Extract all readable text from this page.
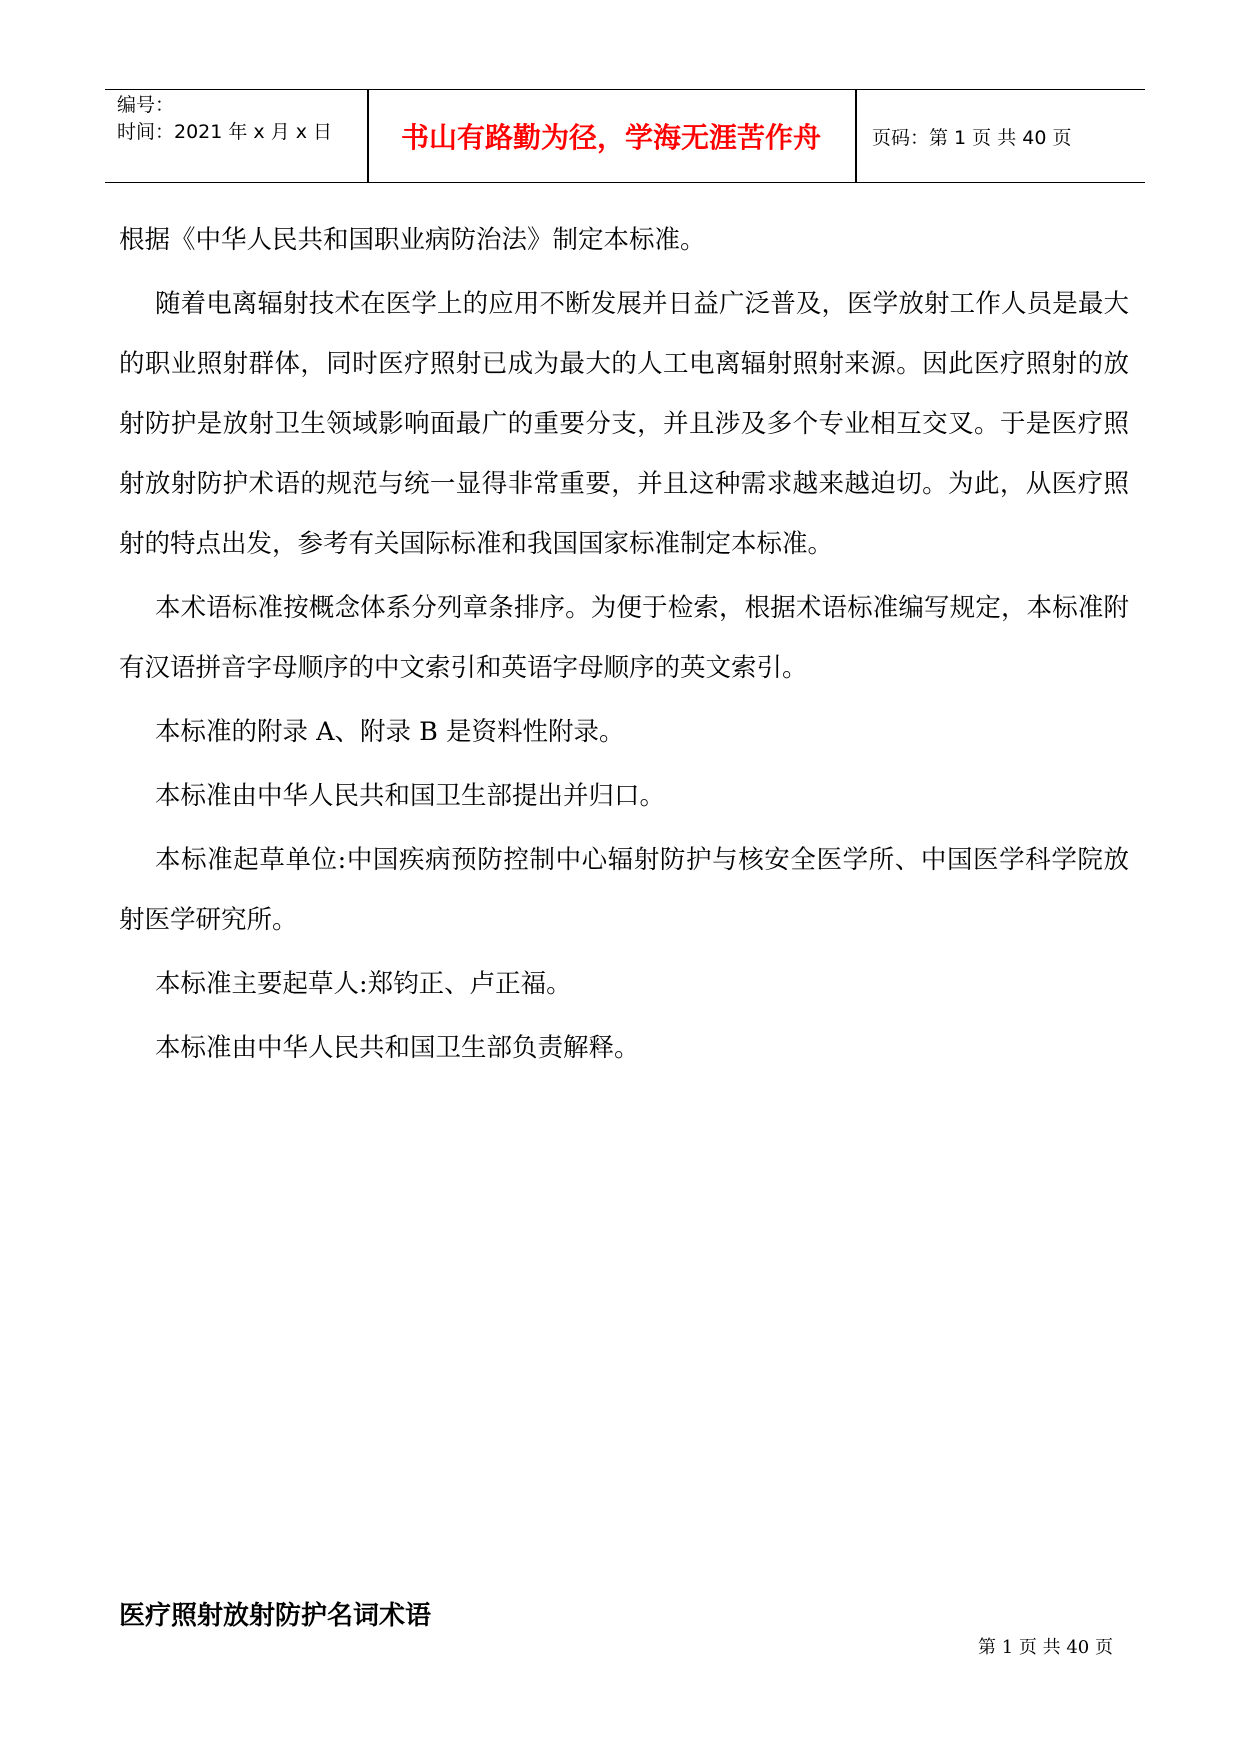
编号：
时间：2021 年 x 月 x 日	书山有路勤为径，学海无涯苦作舟	页码：第 1 页 共 40 页

根据《中华人民共和国职业病防治法》制定本标准。

随着电离辐射技术在医学上的应用不断发展并日益广泛普及，医学放射工作人员是最大的职业照射群体，同时医疗照射已成为最大的人工电离辐射照射来源。因此医疗照射的放射防护是放射卫生领域影响面最广的重要分支，并且涉及多个专业相互交叉。于是医疗照射放射防护术语的规范与统一显得非常重要，并且这种需求越来越迫切。为此，从医疗照射的特点出发，参考有关国际标准和我国国家标准制定本标准。

本术语标准按概念体系分列章条排序。为便于检索，根据术语标准编写规定，本标准附有汉语拼音字母顺序的中文索引和英语字母顺序的英文索引。

本标准的附录 A、附录 B 是资料性附录。

本标准由中华人民共和国卫生部提出并归口。

本标准起草单位:中国疾病预防控制中心辐射防护与核安全医学所、中国医学科学院放射医学研究所。

本标准主要起草人:郑钧正、卢正福。

本标准由中华人民共和国卫生部负责解释。

医疗照射放射防护名词术语
第 1 页 共 40 页
